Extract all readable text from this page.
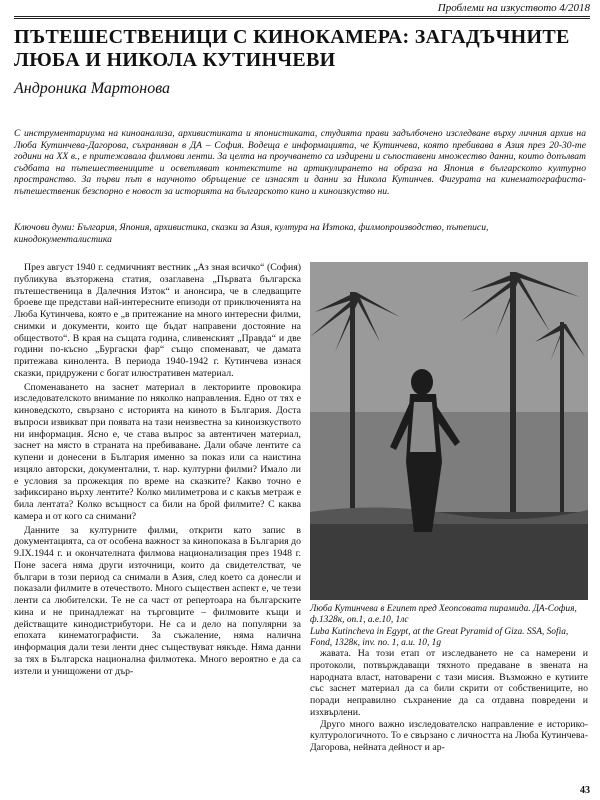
Проблеми на изкуството 4/2018
ПЪТЕШЕСТВЕНИЦИ С КИНОКАМЕРА: ЗАГАДЪЧНИТЕ ЛЮБА И НИКОЛА КУТИНЧЕВИ

Андроника Мартонова

С инструментариума на киноанализа, архивистиката и японистиката, студията прави задълбочено изследване върху личния архив на Люба Кутинчева-Дагорова, съхраняван в ДА – София. Водеща е информацията, че Кутинчева, която пребивава в Азия през 20-30-те години на XX в., е притежавала филмови ленти. За целта на проучването са издирени и съпоставени множество данни, които допълват съдбата на пътешествениците и осветляват контекстите на артикулирането на образа на Япония в българското културно пространство. За първи път в научното обръщение се изнасят и данни за Никола Кутинчев. Фигурата на кинематографиста-пътешественик безспорно е новост за историята на българското кино и киноизкуство ни.

Ключови думи: България, Япония, архивистика, сказки за Азия, култура на Изтока, филмопроизводство, пътеписи, кинодокументалистика

През август 1940 г. седмичният вестник „Аз зная всичко“ (София) публикува възторжена статия, озаглавена „Първата българска пътешественица в Далечния Изток“ и анонсира, че в следващите броеве ще представи най-интересните епизоди от приключенията на Люба Кутинчева, която е „в притежание на много интересни филми, снимки и документи, които ще бъдат направени достояние на обществото“. В края на същата година, сливенският „Правда“ и две години по-късно „Бургаски фар“ също споменават, че дамата притежава кинолента. В периода 1940-1942 г. Кутинчева изнася сказки, придружени с богат илюстративен материал.

Споменаването на заснет материал в лекториите провокира изследователското внимание по няколко направления. Едно от тях е киноведското, свързано с историята на киното в България. Доста въпроси извикват при появата на тази неизвестна за киноизкуството ни информация. Ясно е, че става въпрос за автентичен материал, заснет на място в страната на пребиваване. Дали обаче лентите са купени и донесени в България именно за показ или са наистина изцяло авторски, документални, т. нар. културни филми? Имало ли е условия за прожекция по време на сказките? Какво точно е зафиксирано върху лентите? Колко милиметрова и с какъв метраж е била лентата? Колко всъщност са били на брой филмите? С каква камера и от кого са снимани?

Данните за културните филми, открити като запис в документацията, са от особена важност за кинопоказа в България до 9.IX.1944 г. и окончателната филмова национализация през 1948 г. Поне засега няма други източници, които да свидетелстват, че българи в този период са снимали в Азия, след което са донесли и показали филмите в отечеството. Много съществен аспект е, че тези ленти са любителски. Те не са част от репертоара на българските кина и не принадлежат на търговците – филмовите къщи и действащите кинодистрибутори. Не са и дело на популярни за епохата кинематографисти. За съжаление, няма налична информация дали тези ленти днес съществуват някъде. Няма данни за тях в Българска национална филмотека. Много вероятно е да са изтели и унищожени от дър-

Люба Кутинчева в Египет пред Хеопсовата пирамида. ДА-София, ф.1328к, оп.1, а.е.10, 1лс

Luba Kutincheva in Egypt, at the Great Pyramid of Giza. SSA, Sofia, Fond, 1328к, inv. no. 1, a.u. 10, 1g

жавата. На този етап от изследването не са намерени и протоколи, потвърждаващи тяхното предаване в звената на народната власт, натоварени с тази мисия. Възможно е кутиите със заснет материал да са били скрити от собствениците, но поради неправилно съхранение да са отдавна повредени и изхвърлени.

Друго много важно изследователско направление е историко-културологичното. То е свързано с личността на Люба Кутинчева-Дагорова, нейната дейност и ар-

43
